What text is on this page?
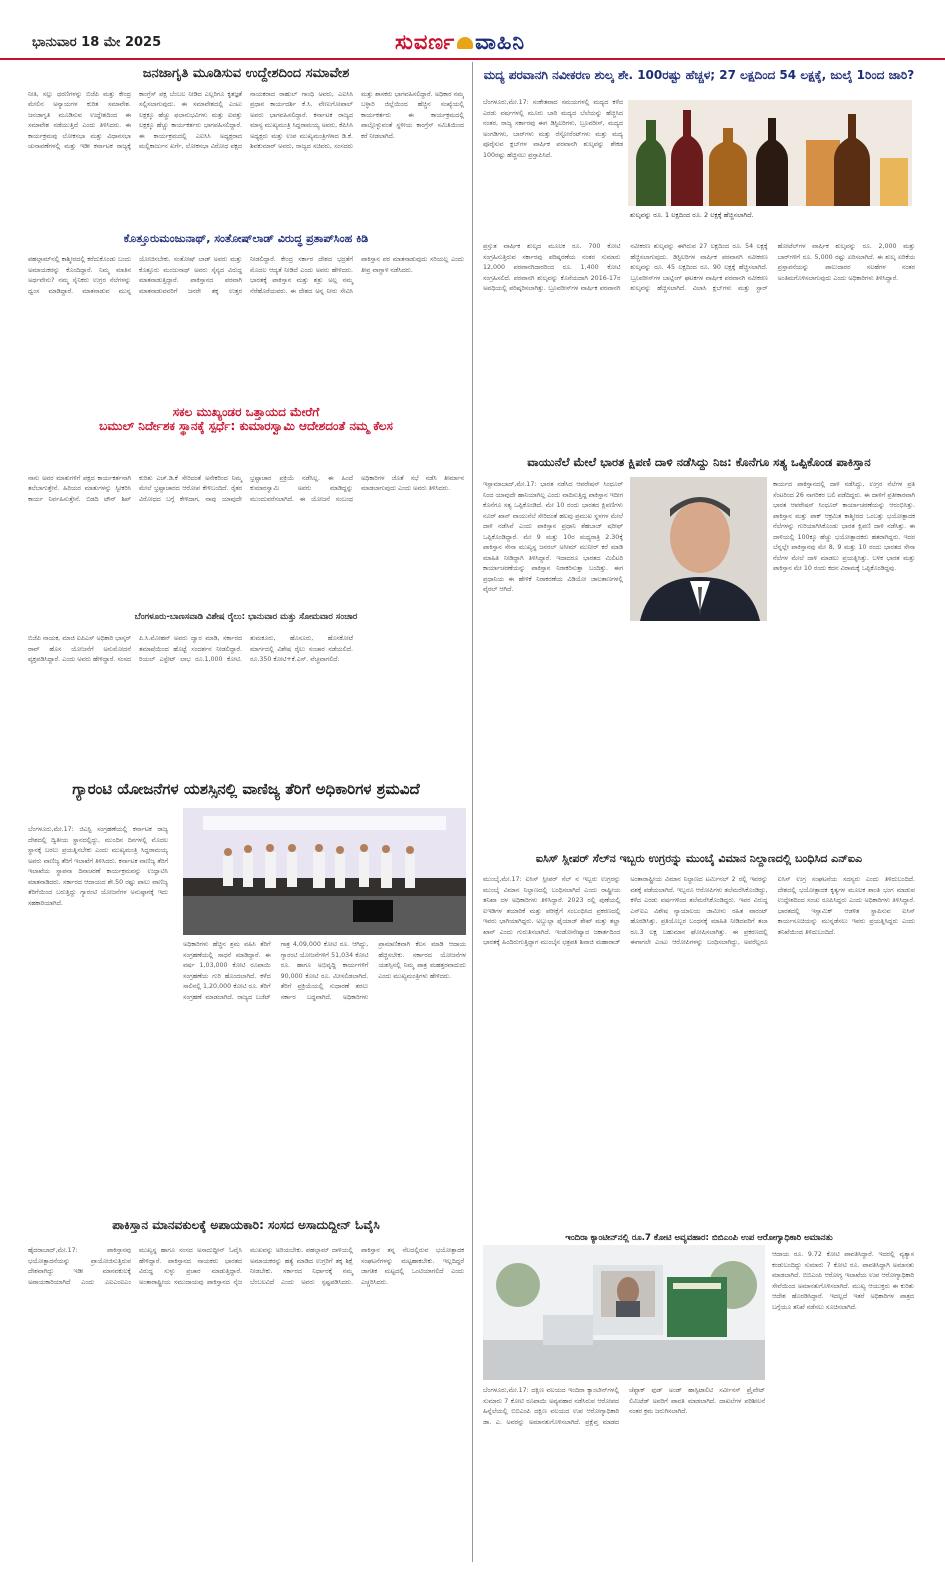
ಭಾನುವಾರ 18 ಮೇ 2025	ಸುವರ್ಣ ವಾಹಿನಿ
ಜನಜಾಗೃತಿ ಮೂಡಿಸುವ ಉದ್ದೇಶದಿಂದ ಸಮಾವೇಶ
ನೀತಿ, ಸಲ್ಲು ಧರಣಿಗಳನ್ನು ಬಿಜೆಪಿ ಮತ್ತು ಕೇಂದ್ರ ಮೇಲಿನ ಅನ್ಯಾಯಗಳ ಕುರಿತ ಸಮಾವೇಶ. ಜನಜಾಗೃತಿ ಮೂಡಿಸುವ ಉದ್ದೇಶದಿಂದ ಈ ಸಮಾವೇಶ ನಡೆಯುತ್ತಿದೆ ಎಂದು ತಿಳಿಸಿದರು. ಈ ಕಾರ್ಯಕ್ರಮವು ಲೋಕಸಭಾ ಮತ್ತು ವಿಧಾನಸಭಾ ಚುನಾವಣೆಗಳಲ್ಲಿ ಮತ್ತು ಇಡೀ ಕರ್ನಾಟಕ ರಾಜ್ಯಕ್ಕೆ ಕಾಂಗ್ರೆಸ್ ಪಕ್ಷ ಬೆಂಬಲ ನೀಡಿದ ಎಲ್ಲರಿಗೂ ಕೃತಜ್ಞತೆ ಸಲ್ಲಿಸಲಾಗುವುದು. ಈ ಸಮಾವೇಶದಲ್ಲಿ ಎಂಟು ಲಕ್ಷಕ್ಕೂ ಹೆಚ್ಚು ಫಲಾನುಭವಿಗಳು ಮತ್ತು ಐವತ್ತು ಲಕ್ಷಕ್ಕೂ ಹೆಚ್ಚು ಕಾರ್ಯಕರ್ತರು ಭಾಗವಹಿಸಲಿದ್ದಾರೆ. ಈ ಕಾರ್ಯಕ್ರಮದಲ್ಲಿ ಎಐಸಿಸಿ ಅಧ್ಯಕ್ಷರಾದ ಮಲ್ಲಿಕಾರ್ಜುನ ಖರ್ಗೆ, ಲೋಕಸಭಾ ವಿರೋಧ ಪಕ್ಷದ ನಾಯಕರಾದ ರಾಹುಲ್ ಗಾಂಧಿ ಅವರು, ಎಐಸಿಸಿ ಪ್ರಧಾನ ಕಾರ್ಯದರ್ಶಿ ಕೆ.ಸಿ. ವೇಣುಗೋಪಾಲ್ ಅವರು ಭಾಗವಹಿಸಲಿದ್ದಾರೆ. ಕರ್ನಾಟಕ ರಾಜ್ಯದ ಮಾನ್ಯ ಮುಖ್ಯಮಂತ್ರಿ ಸಿದ್ದರಾಮಯ್ಯ ಅವರು, ಕೆಪಿಸಿಸಿ ಅಧ್ಯಕ್ಷರು ಮತ್ತು ಉಪ ಮುಖ್ಯಮಂತ್ರಿಗಳಾದ ಡಿ.ಕೆ. ಶಿವಕುಮಾರ್ ಅವರು, ರಾಜ್ಯದ ಸಚಿವರು, ಸಂಸದರು ಮತ್ತು ಶಾಸಕರು ಭಾಗವಹಿಸಲಿದ್ದಾರೆ. ಅಧಿಕಾರ ನಮ್ಮ ಬಳ್ಳಾರಿ ಜಿಲ್ಲೆಯಿಂದ ಹೆಚ್ಚಿನ ಸಂಖ್ಯೆಯಲ್ಲಿ ಕಾರ್ಯಕರ್ತರು ಈ ಕಾರ್ಯಕ್ರಮದಲ್ಲಿ ಪಾಲ್ಗೊಳ್ಳುವಂತೆ ಸ್ಥಳೀಯ ಕಾಂಗ್ರೆಸ್ ಸಮಿತಿಯಿಂದ ಕರೆ ನೀಡಲಾಗಿದೆ.
ಕೊತ್ತೂರುಮಂಜುನಾಥ್, ಸಂತೋಷ್‌ಲಾಡ್ ವಿರುದ್ಧ ಪ್ರತಾಪ್‌ಸಿಂಹ ಕಿಡಿ
ಪಹಲ್ಗಾಮ್‌ನಲ್ಲಿ ಕಾಶ್ಮೀರದಲ್ಲಿ ಕರೆದುಕೊಂಡು ಬಂದು ಅಮಾಯಕರನ್ನು ಕೊಂದಿದ್ದಾರೆ. ನಿಮ್ಮ ಮಾತಿನ ಅರ್ಥವೇನು? ನಮ್ಮ ಸೈನಿಕರು ಉಗ್ರರ ನೆಲೆಗಳನ್ನು ಧ್ವಂಸ ಮಾಡಿದ್ದಾರೆ. ಮಾತನಾಡುವ ಮುನ್ನ ಯೋಚಿಸಬೇಕು. ಸಂತೋಷ್ ಲಾಡ್ ಅವರು ಮತ್ತು ಕೊತ್ತೂರು ಮಂಜುನಾಥ್ ಅವರು ಸೈನ್ಯದ ವಿರುದ್ಧ ಮಾತನಾಡುತ್ತಿದ್ದಾರೆ. ಪಾಕಿಸ್ತಾನದ ಪರವಾಗಿ ಮಾತನಾಡುವವರಿಗೆ ಜನರೇ ತಕ್ಕ ಉತ್ತರ ನೀಡಲಿದ್ದಾರೆ. ಕೇಂದ್ರ ಸರ್ಕಾರ ದೇಶದ ಭದ್ರತೆಗೆ ಮೊದಲ ಆದ್ಯತೆ ನೀಡಿದೆ ಎಂದು ಅವರು ಹೇಳಿದರು. ಭಾರತಕ್ಕೆ ಪಾಕಿಸ್ತಾನ ಮತ್ತು ಶತ್ರು ಅಲ್ಲ ನಮ್ಮ ನೆರೆಹೊರೆಯವರು. ಈ ದೇಶದ ಅನ್ನ ನೀರು ಸೇವಿಸಿ ಪಾಕಿಸ್ತಾನ ಪರ ಮಾತನಾಡುವುದು ಸರಿಯಲ್ಲ ಎಂದು ತೀವ್ರ ವಾಗ್ದಾಳಿ ನಡೆಸಿದರು.
ಸಕಲ ಮುಖ್ಯಂಡರ ಒತ್ತಾಯದ ಮೇರೆಗೆ
ಬಮುಲ್ ನಿರ್ದೇಶಕ ಸ್ಥಾನಕ್ಕೆ ಸ್ಪರ್ಧೆ: ಕುಮಾರಸ್ವಾಮಿ ಆದೇಶದಂತೆ ನಮ್ಮ ಕೆಲಸ
ನಾನು ಅವರ ಮಾತುಗಳಿಗೆ ಪಕ್ಷದ ಕಾರ್ಯಕರ್ತನಾಗಿ ತಲೆಬಾಗುತ್ತೇನೆ. ಹಿರಿಯರ ಮಾತುಗಳನ್ನು ಸ್ವೀಕರಿಸಿ ಕಾರ್ಯ ನಿರ್ವಹಿಸುತ್ತೇನೆ. ಬಿಡದಿ ಟೌನ್ ಶಿಪ್ ಕುರಿತು ಎಚ್.ಡಿ.ಕೆ ಸೇರಿದಂತೆ ಅನೇಕರಿಂದ ನಿಮ್ಮ ಮೇಲೆ ಭ್ರಷ್ಟಾಚಾರದ ಆರೋಪ ಕೇಳಿಬಂದಿದೆ. ರೈತರ ವಿರೋಧದ ಬಗ್ಗೆ ಕೇಳಿದಾಗ, ನಾವು ಯಾವುದೇ ಭ್ರಷ್ಟಾಚಾರ ಪ್ರಕ್ರಿಯೆ ನಡೆಸಿಲ್ಲ. ಈ ಹಿಂದೆ ಕುಮಾರಸ್ವಾಮಿ ಅವರು ಮಾಡಿದ್ದನ್ನು ಮುಂದುವರೆಸಲಾಗಿದೆ. ಈ ಯೋಜನೆ ಸಂಬಂಧ ಅಧಿಕಾರಿಗಳ ಜೊತೆ ಸಭೆ ನಡೆಸಿ ತೀರ್ಮಾನ ಮಾಡಲಾಗುವುದು ಎಂದು ಅವರು ತಿಳಿಸಿದರು.
ಬೆಂಗಳೂರು-ಬಾಣಸವಾಡಿ ವಿಶೇಷ ರೈಲು: ಭಾನುವಾರ ಮತ್ತು ಸೋಮವಾರ ಸಂಚಾರ
ಬಿಜೆಪಿ ನಾಯಕ, ಮಾಜಿ ಐಪಿಎಸ್ ಅಧಿಕಾರಿ ಭಾಸ್ಕರ್ ರಾವ್ ಹೊಸ ಯೋಜನೆಗೆ ಅನುಮೋದನೆ ವ್ಯಕ್ತಪಡಿಸಿದ್ದಾರೆ. ಎಂದು ಅವರು ಹೇಳಿದ್ದಾರೆ. ಸಂಸದ ಪಿ.ಸಿ.ಮೋಹನ್ ಅವರು ದ್ವಾರ ಮಾಡಿ, ಸರ್ಕಾರದ ತಮಾಷೆಯಿಂದ ಹೊಟ್ಟೆ ಸಂದರ್ಶನ ನೀಡಲಿದ್ದಾರೆ. ರಿಯಲ್ ಎಸ್ಟೇಟ್ ಲಾಭ ರೂ.1,000 ಕೋಟಿ. ತುಮಕೂರು, ಹೊಸೂರು, ಹೊಸಕೋಟೆ ಮಾರ್ಗದಲ್ಲಿ ವಿಶೇಷ ರೈಲು ಸಂಚಾರ ನಡೆಯಲಿದೆ. ರೂ.350 ಕೋಟಿ+ಕೆ.ಎಸ್. ವೆಚ್ಚವಾಗಲಿದೆ.
ಗ್ಯಾರಂಟಿ ಯೋಜನೆಗಳ ಯಶಸ್ಸಿನಲ್ಲಿ ವಾಣಿಜ್ಯ ತೆರಿಗೆ ಅಧಿಕಾರಿಗಳ ಶ್ರಮವಿದೆ
ಬೆಂಗಳೂರು,ಮೇ.17: ಜಿಎಸ್ಟಿ ಸಂಗ್ರಹಣೆಯಲ್ಲಿ ಕರ್ನಾಟಕ ರಾಜ್ಯ ದೇಶದಲ್ಲಿ ದ್ವಿತೀಯ ಸ್ಥಾನದಲ್ಲಿದ್ದು, ಮುಂದಿನ ದಿನಗಳಲ್ಲಿ ಮೊದಲ ಸ್ಥಾನಕ್ಕೆ ಬರಲು ಪ್ರಯತ್ನಿಸಬೇಕು ಎಂದು ಮುಖ್ಯಮಂತ್ರಿ ಸಿದ್ದರಾಮಯ್ಯ ಅವರು ವಾಣಿಜ್ಯ ತೆರಿಗೆ ಇಲಾಖೆಗೆ ತಿಳಿಸಿದರು. ಕರ್ನಾಟಕ ವಾಣಿಜ್ಯ ತೆರಿಗೆ ಇಲಾಖೆಯ ಸ್ಥಾಪನಾ ದಿನಾಚರಣೆ ಕಾರ್ಯಕ್ರಮವನ್ನು ಉದ್ಘಾಟಿಸಿ ಮಾತನಾಡಿದರು. ಸರ್ಕಾರದ ಆದಾಯದ ಶೇ.50 ರಷ್ಟು ಪಾಲು ವಾಣಿಜ್ಯ ತೆರಿಗೆಯಿಂದ ಬರುತ್ತಿದ್ದು ಗ್ಯಾರಂಟಿ ಯೋಜನೆಗಳ ಅನುಷ್ಠಾನಕ್ಕೆ ಇದು ಸಹಕಾರಿಯಾಗಿದೆ.
ಅಧಿಕಾರಿಗಳು ಹೆಚ್ಚಿನ ಶ್ರಮ ವಹಿಸಿ ತೆರಿಗೆ ಸಂಗ್ರಹಣೆಯಲ್ಲಿ ಸಾಧನೆ ಮಾಡಿದ್ದಾರೆ. ಈ ವರ್ಷ 1,03,000 ಕೋಟಿ ರೂಪಾಯಿ ಸಂಗ್ರಹಣೆಯ ಗುರಿ ಹೊಂದಲಾಗಿದೆ. ಕಳೆದ ಸಾಲಿನಲ್ಲಿ 1,20,000 ಕೋಟಿ ರೂ. ತೆರಿಗೆ ಸಂಗ್ರಹಣೆ ಮಾಡಲಾಗಿದೆ. ರಾಜ್ಯದ ಬಜೆಟ್ ಗಾತ್ರ 4,09,000 ಕೋಟಿ ರೂ. ಆಗಿದ್ದು, ಗ್ಯಾರಂಟಿ ಯೋಜನೆಗಳಿಗೆ 51,034 ಕೋಟಿ ರೂ. ಹಾಗೂ ಅಭಿವೃದ್ಧಿ ಕಾರ್ಯಗಳಿಗೆ 90,000 ಕೋಟಿ ರೂ. ಮೀಸಲಿಡಲಾಗಿದೆ. ತೆರಿಗೆ ಪ್ರಕ್ರಿಯೆಯಲ್ಲಿ ಸುಧಾರಣೆ ತರಲು ಸರ್ಕಾರ ಬದ್ಧವಾಗಿದೆ. ಅಧಿಕಾರಿಗಳು ಪ್ರಾಮಾಣಿಕವಾಗಿ ಕೆಲಸ ಮಾಡಿ ಆದಾಯ ಹೆಚ್ಚಿಸಬೇಕು. ಸರ್ಕಾರದ ಯೋಜನೆಗಳ ಯಶಸ್ಸಿನಲ್ಲಿ ನಿಮ್ಮ ಪಾತ್ರ ಮಹತ್ತರವಾದುದು ಎಂದು ಮುಖ್ಯಮಂತ್ರಿಗಳು ಹೇಳಿದರು.
ಪಾಕಿಸ್ತಾನ ಮಾನವಕುಲಕ್ಕೆ ಅಪಾಯಕಾರಿ: ಸಂಸದ ಅಸಾದುದ್ದೀನ್ ಓವೈಸಿ
ಹೈದರಾಬಾದ್,ಮೇ.17: ಪಾಕಿಸ್ತಾನವು ಭಯೋತ್ಪಾದನೆಯನ್ನು ಪ್ರಾಯೋಜಿಸುತ್ತಿರುವ ದೇಶವಾಗಿದ್ದು ಇಡೀ ಮಾನವಕುಲಕ್ಕೆ ಅಪಾಯಕಾರಿಯಾಗಿದೆ ಎಂದು ಎಐಎಂಐಎಂ ಮುಖ್ಯಸ್ಥ ಹಾಗೂ ಸಂಸದ ಅಸಾದುದ್ದೀನ್ ಓವೈಸಿ ಹೇಳಿದ್ದಾರೆ. ಪಾಕಿಸ್ತಾನದ ನಾಯಕರು ಭಾರತದ ವಿರುದ್ಧ ಸುಳ್ಳು ಪ್ರಚಾರ ಮಾಡುತ್ತಿದ್ದಾರೆ. ಅಂತಾರಾಷ್ಟ್ರೀಯ ಸಮುದಾಯವು ಪಾಕಿಸ್ತಾನದ ನೈಜ ಮುಖವನ್ನು ಅರಿಯಬೇಕು. ಪಹಲ್ಗಾಮ್ ದಾಳಿಯಲ್ಲಿ ಅಮಾಯಕರನ್ನು ಹತ್ಯೆ ಮಾಡಿದ ಉಗ್ರರಿಗೆ ತಕ್ಕ ಶಿಕ್ಷೆ ನೀಡಬೇಕು. ಸರ್ಕಾರದ ನಿರ್ಧಾರಕ್ಕೆ ನಮ್ಮ ಬೆಂಬಲವಿದೆ ಎಂದು ಅವರು ಸ್ಪಷ್ಟಪಡಿಸಿದರು. ಪಾಕಿಸ್ತಾನ ತನ್ನ ನೆಲದಲ್ಲಿರುವ ಭಯೋತ್ಪಾದಕ ಸಂಘಟನೆಗಳನ್ನು ಮಟ್ಟಹಾಕಬೇಕು. ಇಲ್ಲದಿದ್ದರೆ ಜಾಗತಿಕ ಮಟ್ಟದಲ್ಲಿ ಒಂಟಿಯಾಗಲಿದೆ ಎಂದು ಎಚ್ಚರಿಸಿದರು.
ಮದ್ಯ ಪರವಾನಗಿ ನವೀಕರಣ ಶುಲ್ಕ ಶೇ. 100ರಷ್ಟು ಹೆಚ್ಚಳ; 27 ಲಕ್ಷದಿಂದ 54 ಲಕ್ಷಕ್ಕೆ, ಜುಲೈ 1ರಿಂದ ಜಾರಿ?
ಬೆಂಗಳೂರು,ಮೇ.17: ಸಂಕೇತವಾದ ಸಮಯಗಳಲ್ಲಿ ಮದ್ಯದ ಕಳೆದ ಎರಡು ವರ್ಷಗಳಲ್ಲಿ ಮೂರು ಬಾರಿ ಮದ್ಯದ ಬೆಲೆಯನ್ನು ಹೆಚ್ಚಿಸಿದ ನಂತರ, ರಾಜ್ಯ ಸರ್ಕಾರವು ಈಗ ಡಿಸ್ಟಿಲರಿಗಳು, ಬ್ರೂವರೀಸ್, ಮದ್ಯದ ಅಂಗಡಿಗಳು, ಬಾರ್‌ಗಳು ಮತ್ತು ರೆಸ್ಟೋರೆಂಟ್‌ಗಳು ಮತ್ತು ಮದ್ಯ ಪೂರೈಸುವ ಕ್ಲಬ್‌ಗಳ ವಾರ್ಷಿಕ ಪರವಾನಗಿ ಶುಲ್ಕವನ್ನು ಶೇಕಡ 100ರಷ್ಟು ಹೆಚ್ಚಿಸಲು ಪ್ರಸ್ತಾಪಿಸಿದೆ.
ಶುಲ್ಕವನ್ನು ರೂ. 1 ಲಕ್ಷದಿಂದ ರೂ. 2 ಲಕ್ಷಕ್ಕೆ ಹೆಚ್ಚಿಸಲಾಗಿದೆ.
ಪ್ರಸ್ತುತ ವಾರ್ಷಿಕ ಶುಲ್ಕದ ಮೂಲಕ ರೂ. 700 ಕೋಟಿ ಸಂಗ್ರಹಿಸುತ್ತಿರುವ ಸರ್ಕಾರವು ಪರಿಷ್ಕರಣೆಯ ನಂತರ ಸುಮಾರು 12,000 ಪರವಾನಗಿದಾರರಿಂದ ರೂ. 1,400 ಕೋಟಿ ಸಂಗ್ರಹಿಸಲಿದೆ. ಪರವಾನಗಿ ಶುಲ್ಕವನ್ನು ಕೊನೆಯದಾಗಿ 2016-17ರ ಅವಧಿಯಲ್ಲಿ ಪರಿಷ್ಕರಿಸಲಾಗಿತ್ತು. ಬ್ರೂವರೀಸ್‌ಗಳ ವಾರ್ಷಿಕ ಪರವಾನಗಿ ನವೀಕರಣ ಶುಲ್ಕವನ್ನು ಈಗಿರುವ 27 ಲಕ್ಷದಿಂದ ರೂ. 54 ಲಕ್ಷಕ್ಕೆ ಹೆಚ್ಚಿಸಲಾಗುವುದು. ಡಿಸ್ಟಿಲರಿಗಳ ವಾರ್ಷಿಕ ಪರವಾನಗಿ ನವೀಕರಣ ಶುಲ್ಕವನ್ನು ರೂ. 45 ಲಕ್ಷದಿಂದ ರೂ. 90 ಲಕ್ಷಕ್ಕೆ ಹೆಚ್ಚಿಸಲಾಗಿದೆ. ಬ್ರೂವರೀಸ್‌ಗಳ ಬಾಟ್ಲಿಂಗ್ ಘಟಕಗಳ ವಾರ್ಷಿಕ ಪರವಾನಗಿ ನವೀಕರಣ ಶುಲ್ಕವನ್ನು ಹೆಚ್ಚಿಸಲಾಗಿದೆ. ವಿಲಾಸಿ ಕ್ಲಬ್‌ಗಳು ಮತ್ತು ಸ್ಟಾರ್ ಹೋಟೆಲ್‌ಗಳ ವಾರ್ಷಿಕ ಶುಲ್ಕವನ್ನು ರೂ. 2,000 ಮತ್ತು ಬಾರ್‌ಗಳಿಗೆ ರೂ. 5,000 ರಷ್ಟು ಏರಿಸಲಾಗಿದೆ. ಈ ಶುಲ್ಕ ಏರಿಕೆಯ ಪ್ರಸ್ತಾವನೆಯನ್ನು ಪಾಲುದಾರರ ಸಲಹೆಗಳ ನಂತರ ಅಂತಿಮಗೊಳಿಸಲಾಗುವುದು ಎಂದು ಅಧಿಕಾರಿಗಳು ತಿಳಿಸಿದ್ದಾರೆ.
ವಾಯುನೆಲೆ ಮೇಲೆ ಭಾರತ ಕ್ಷಿಪಣಿ ದಾಳಿ ನಡೆಸಿದ್ದು ನಿಜ: ಕೊನೆಗೂ ಸತ್ಯ ಒಪ್ಪಿಕೊಂಡ ಪಾಕಿಸ್ತಾನ
ಇಸ್ಲಾಮಾಬಾದ್,ಮೇ.17: ಭಾರತ ನಡೆಸಿದ ಆಪರೇಷನ್ ಸಿಂಧೂರ್ ನಿಂದ ಯಾವುದೇ ಹಾನಿಯಾಗಿಲ್ಲ ಎಂದು ವಾದಿಸುತ್ತಿದ್ದ ಪಾಕಿಸ್ತಾನ ಇದೀಗ ಕೊನೆಗೂ ಸತ್ಯ ಒಪ್ಪಿಕೊಂಡಿದೆ. ಮೇ 10 ರಂದು ಭಾರತದ ಕ್ಷಿಪಣಿಗಳು ನೂರ್ ಖಾನ್ ವಾಯುನೆಲೆ ಸೇರಿದಂತೆ ಹಲವು ಪ್ರಮುಖ ಸ್ಥಳಗಳ ಮೇಲೆ ದಾಳಿ ನಡೆಸಿವೆ ಎಂದು ಪಾಕಿಸ್ತಾನ ಪ್ರಧಾನಿ ಶೆಹಬಾಜ್ ಷರೀಫ್ ಒಪ್ಪಿಕೊಂಡಿದ್ದಾರೆ. ಮೇ 9 ಮತ್ತು 10ರ ಮಧ್ಯರಾತ್ರಿ 2.30ಕ್ಕೆ ಪಾಕಿಸ್ತಾನ ಸೇನಾ ಮುಖ್ಯಸ್ಥ ಜನರಲ್ ಅಸೀಮ್ ಮುನೀರ್ ಕರೆ ಮಾಡಿ ಮಾಹಿತಿ ನೀಡಿದ್ದಾಗಿ ತಿಳಿಸಿದ್ದಾರೆ. ಇದಾದರೂ ಭಾರತದ ಮಿಲಿಟರಿ ಕಾರ್ಯಾಚರಣೆಯನ್ನು ಪಾಕಿಸ್ತಾನ ನಿರಾಕರಿಸುತ್ತಾ ಬಂದಿತ್ತು. ಈಗ ಪ್ರಧಾನಿಯ ಈ ಹೇಳಿಕೆ ನಿರಾಕರಣೆಯ ವಿಡಿಯೋ ಜಾಲತಾಣಗಳಲ್ಲಿ ವೈರಲ್ ಆಗಿದೆ.
ಕಾರ್ಯದ ಪಾಕಿಸ್ತಾನದಲ್ಲಿ ದಾಳಿ ನಡೆಸಿದ್ದು, ಉಗ್ರರ ನೆಲೆಗಳ ಪ್ರತಿ ಸೆಂಟರಿಂದ 26 ನಾಗರಿಕರ ಬಲಿ ಪಡೆದಿದ್ದರು. ಈ ದಾಳಿಗೆ ಪ್ರತೀಕಾರವಾಗಿ ಭಾರತ ಆಪರೇಷನ್ ಸಿಂಧೂರ್ ಕಾರ್ಯಾಚರಣೆಯನ್ನು ಆರಂಭಿಸಿತ್ತು. ಪಾಕಿಸ್ತಾನ ಮತ್ತು ಪಾಕ್ ಆಕ್ರಮಿತ ಕಾಶ್ಮೀರದ ಒಂಬತ್ತು ಭಯೋತ್ಪಾದಕ ನೆಲೆಗಳನ್ನು ಗುರಿಯಾಗಿಸಿಕೊಂಡು ಭಾರತ ಕ್ಷಿಪಣಿ ದಾಳಿ ನಡೆಸಿತ್ತು. ಈ ದಾಳಿಯಲ್ಲಿ 100ಕ್ಕೂ ಹೆಚ್ಚು ಭಯೋತ್ಪಾದಕರು ಹತರಾಗಿದ್ದರು. ಇದರ ಬೆನ್ನಲ್ಲೇ ಪಾಕಿಸ್ತಾನವು ಮೇ 8, 9 ಮತ್ತು 10 ರಂದು ಭಾರತದ ಸೇನಾ ನೆಲೆಗಳ ಮೇಲೆ ದಾಳಿ ಮಾಡಲು ಪ್ರಯತ್ನಿಸಿತ್ತು. ಬಳಿಕ ಭಾರತ ಮತ್ತು ಪಾಕಿಸ್ತಾನ ಮೇ 10 ರಂದು ಕದನ ವಿರಾಮಕ್ಕೆ ಒಪ್ಪಿಕೊಂಡಿದ್ದವು.
ಐಸಿಸ್ ಸ್ಲೀಪರ್ ಸೆಲ್‌ನ ಇಬ್ಬರು ಉಗ್ರರನ್ನು ಮುಂಬೈ ವಿಮಾನ ನಿಲ್ದಾಣದಲ್ಲಿ ಬಂಧಿಸಿದ ಎನ್‌ಐಎ
ಮುಂಬೈ,ಮೇ.17: ಐಸಿಸ್ ಸ್ಲೀಪರ್ ಸೆಲ್ ನ ಇಬ್ಬರು ಉಗ್ರರನ್ನು ಮುಂಬೈ ವಿಮಾನ ನಿಲ್ದಾಣದಲ್ಲಿ ಬಂಧಿಸಲಾಗಿದೆ ಎಂದು ರಾಷ್ಟ್ರೀಯ ತನಿಖಾ ದಳ ಅಧಿಕಾರಿಗಳು ತಿಳಿಸಿದ್ದಾರೆ. 2023 ರಲ್ಲಿ ಪುಣೆಯಲ್ಲಿ ಐಇಡಿಗಳ ತಯಾರಿಕೆ ಮತ್ತು ಪರೀಕ್ಷೆಗೆ ಸಂಬಂಧಿಸಿದ ಪ್ರಕರಣದಲ್ಲಿ ಇವರು ಭಾಗಿಯಾಗಿದ್ದರು. ಅಬ್ದುಲ್ಲಾ ಫೈಯಾಜ್ ಶೇಖ್ ಮತ್ತು ತಲ್ಹಾ ಖಾನ್ ಎಂದು ಗುರುತಿಸಲಾಗಿದೆ. ಇಂಡೋನೇಷ್ಯಾದ ಜಕಾರ್ತದಿಂದ ಭಾರತಕ್ಕೆ ಹಿಂದಿರುಗುತ್ತಿದ್ದಾಗ ಮುಂಬೈನ ಛತ್ರಪತಿ ಶಿವಾಜಿ ಮಹಾರಾಜ್ ಅಂತಾರಾಷ್ಟ್ರೀಯ ವಿಮಾನ ನಿಲ್ದಾಣದ ಟರ್ಮಿನಲ್ 2 ರಲ್ಲಿ ಇವರನ್ನು ವಶಕ್ಕೆ ಪಡೆಯಲಾಗಿದೆ. ಇಬ್ಬರೂ ಆರೋಪಿಗಳು ತಲೆಮರೆಸಿಕೊಂಡಿದ್ದು, ಕಳೆದ ಎರಡು ವರ್ಷಗಳಿಂದ ತಲೆಮರೆಸಿಕೊಂಡಿದ್ದರು. ಇವರ ವಿರುದ್ಧ ಎನ್‌ಐಎ ವಿಶೇಷ ನ್ಯಾಯಾಲಯ ಜಾಮೀನು ರಹಿತ ವಾರಂಟ್ ಹೊರಡಿಸಿತ್ತು. ಪ್ರತಿಯೊಬ್ಬರ ಬಂಧನಕ್ಕೆ ಮಾಹಿತಿ ನೀಡಿದವರಿಗೆ ತಲಾ ರೂ.3 ಲಕ್ಷ ಬಹುಮಾನ ಘೋಷಿಸಲಾಗಿತ್ತು. ಈ ಪ್ರಕರಣದಲ್ಲಿ ಈಗಾಗಲೇ ಎಂಟು ಆರೋಪಿಗಳನ್ನು ಬಂಧಿಸಲಾಗಿದ್ದು, ಅವರೆಲ್ಲರೂ ಐಸಿಸ್ ಉಗ್ರ ಸಂಘಟನೆಯ ಸದಸ್ಯರು ಎಂದು ತಿಳಿದುಬಂದಿದೆ. ದೇಶದಲ್ಲಿ ಭಯೋತ್ಪಾದಕ ಕೃತ್ಯಗಳ ಮೂಲಕ ಶಾಂತಿ ಭಂಗ ಮಾಡುವ ಉದ್ದೇಶದಿಂದ ಸಂಚು ರೂಪಿಸಿದ್ದರು ಎಂದು ಅಧಿಕಾರಿಗಳು ತಿಳಿಸಿದ್ದಾರೆ. ಭಾರತದಲ್ಲಿ ಇಸ್ಲಾಮಿಕ್ ಆಡಳಿತ ಸ್ಥಾಪಿಸುವ ಐಸಿಸ್ ಕಾರ್ಯಸೂಚಿಯನ್ನು ಮುನ್ನಡೆಸಲು ಇವರು ಪ್ರಯತ್ನಿಸಿದ್ದರು ಎಂದು ತನಿಖೆಯಿಂದ ತಿಳಿದುಬಂದಿದೆ.
ಇಂದಿರಾ ಕ್ಯಾಂಟೀನ್‌ನಲ್ಲಿ ರೂ.7 ಕೋಟಿ ಅವ್ಯವಹಾರ: ಬಿಬಿಎಂಪಿ ಉಪ ಆರೋಗ್ಯಾಧಿಕಾರಿ ಅಮಾನತು
ಆದಾಯ ರೂ. 9.72 ಕೋಟಿ ಪಾವತಿಸಿದ್ದಾರೆ. ಇದರಲ್ಲಿ ವ್ಯತ್ಯಾಸ ಕಂಡುಬಂದಿದ್ದು ಸುಮಾರು 7 ಕೋಟಿ ರೂ. ಪಾವತಿಸಿದ್ದಾಗಿ ಅಮಾನತು ಮಾಡಲಾಗಿದೆ. ಬಿಬಿಎಂಪಿ ಆರೋಗ್ಯ ಇಲಾಖೆಯ ಉಪ ಆರೋಗ್ಯಾಧಿಕಾರಿ ಸೇವೆಯಿಂದ ಅಮಾನತುಗೊಳಿಸಲಾಗಿದೆ. ಮುಖ್ಯ ಆಯುಕ್ತರು ಈ ಕುರಿತು ಆದೇಶ ಹೊರಡಿಸಿದ್ದಾರೆ. ಇದಲ್ಲದೆ ಇತರೆ ಅಧಿಕಾರಿಗಳ ಪಾತ್ರದ ಬಗ್ಗೆಯೂ ತನಿಖೆ ನಡೆಸಲು ಸೂಚಿಸಲಾಗಿದೆ.
ಬೆಂಗಳೂರು,ಮೇ.17: ದಕ್ಷಿಣ ವಲಯದ ಇಂದಿರಾ ಕ್ಯಾಂಟೀನ್‌ಗಳಲ್ಲಿ ಸುಮಾರು 7 ಕೋಟಿ ರೂಪಾಯಿ ಅವ್ಯವಹಾರ ನಡೆಸಿರುವ ಆರೋಪದ ಹಿನ್ನೆಲೆಯಲ್ಲಿ ಬಿಬಿಎಂಪಿ ದಕ್ಷಿಣ ವಲಯದ ಉಪ ಆರೋಗ್ಯಾಧಿಕಾರಿ ಡಾ. ಎ. ಅವರನ್ನು ಅಮಾನತುಗೊಳಿಸಲಾಗಿದೆ. ಪ್ರಕ್ಷೆಪ್ತ ಮಾಡದ ಚೆಫ್ಟಾಕ್ ಫುಡ್ ಅಂಡ್ ಹಾಸ್ಪಿಟಾಲಿಟಿ ಸರ್ವೀಸಸ್ ಪ್ರೈವೇಟ್ ಲಿಮಿಟೆಡ್ ಅವರಿಗೆ ಪಾವತಿ ಮಾಡಲಾಗಿದೆ. ದಾಖಲೆಗಳ ಪರಿಶೀಲನೆ ನಂತರ ಕ್ರಮ ಜರುಗಿಸಲಾಗಿದೆ.
